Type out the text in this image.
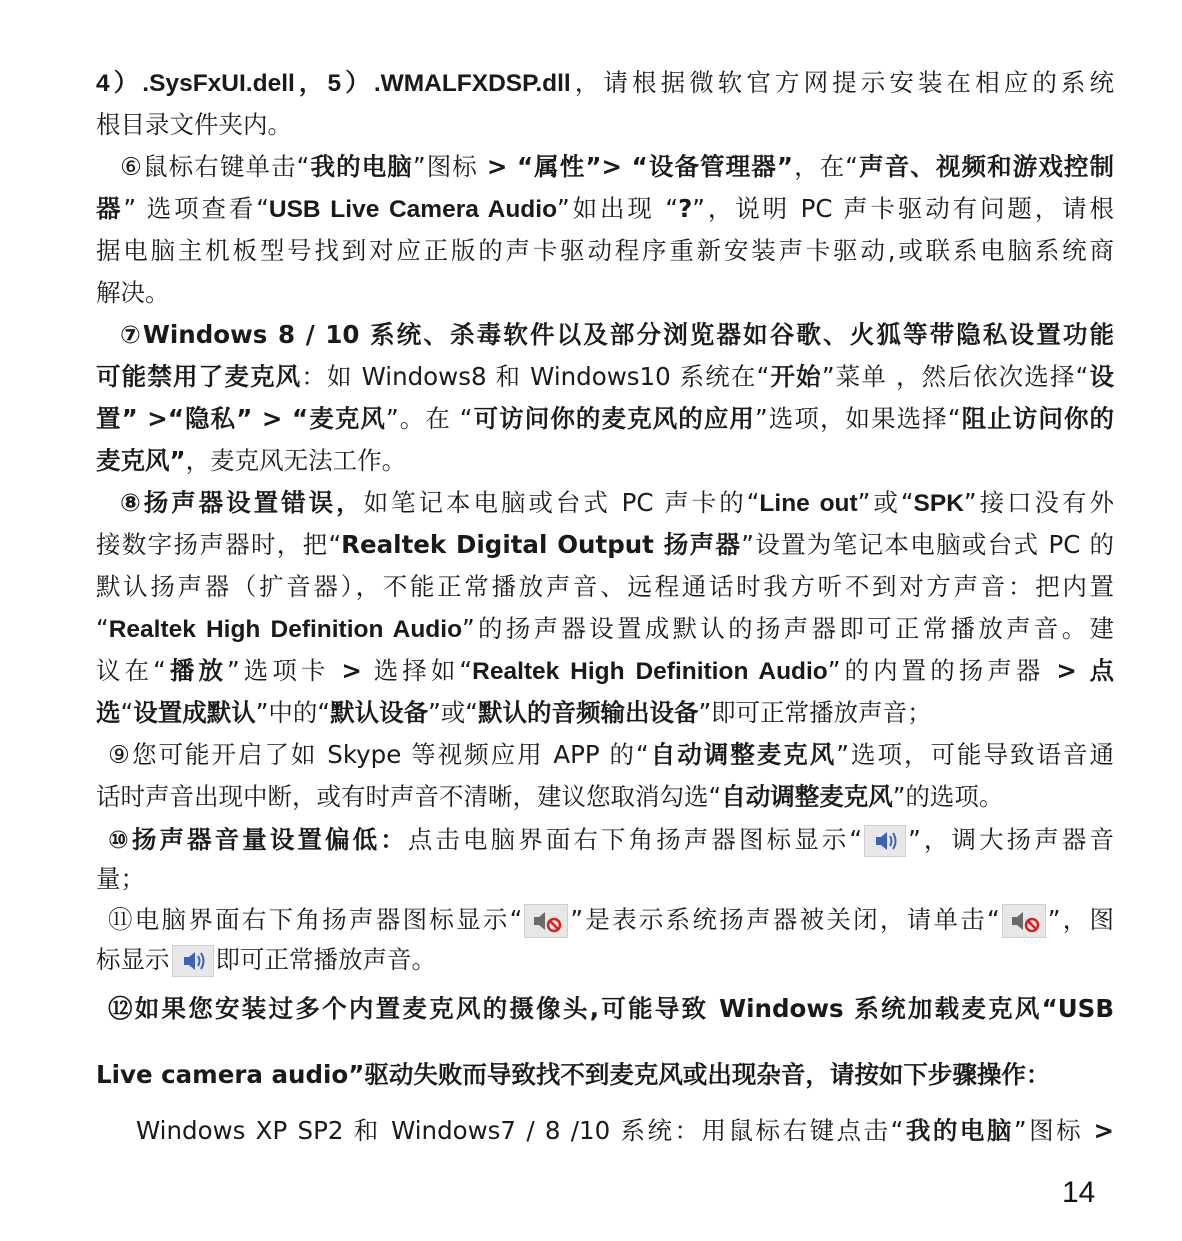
4）.SysFxUI.dell，5）.WMALFXDSP.dll，请根据微软官方网提示安装在相应的系统
根目录文件夹内。
⑥鼠标右键单击“我的电脑”图标 > “属性”> “设备管理器”，在“声音、视频和游戏控制
器” 选项查看“USB Live Camera Audio”如出现 “?”，说明 PC 声卡驱动有问题，请根
据电脑主机板型号找到对应正版的声卡驱动程序重新安装声卡驱动,或联系电脑系统商
解决。
⑦Windows 8 / 10 系统、杀毒软件以及部分浏览器如谷歌、火狐等带隐私设置功能
可能禁用了麦克风：如 Windows8 和 Windows10 系统在“开始”菜单 ，然后依次选择“设
置” >“隐私” > “麦克风”。在 “可访问你的麦克风的应用”选项，如果选择“阻止访问你的
麦克风”，麦克风无法工作。
⑧扬声器设置错误，如笔记本电脑或台式 PC 声卡的“Line out”或“SPK”接口没有外
接数字扬声器时，把“Realtek Digital Output 扬声器”设置为笔记本电脑或台式 PC 的
默认扬声器（扩音器），不能正常播放声音、远程通话时我方听不到对方声音：把内置
“Realtek High Definition Audio”的扬声器设置成默认的扬声器即可正常播放声音。建
议在“播放”选项卡 > 选择如“Realtek High Definition Audio”的内置的扬声器 > 点
选“设置成默认”中的“默认设备”或“默认的音频输出设备”即可正常播放声音；
⑨您可能开启了如 Skype 等视频应用 APP 的“自动调整麦克风”选项，可能导致语音通
话时声音出现中断，或有时声音不清晰，建议您取消勾选“自动调整麦克风”的选项。
⑩扬声器音量设置偏低：点击电脑界面右下角扬声器图标显示“ ”，调大扬声器音
量；
⑪电脑界面右下角扬声器图标显示“ ”是表示系统扬声器被关闭，请单击“ ”，图
标显示 即可正常播放声音。
⑫如果您安装过多个内置麦克风的摄像头,可能导致 Windows 系统加载麦克风“USB
Live camera audio”驱动失败而导致找不到麦克风或出现杂音，请按如下步骤操作：
Windows XP SP2 和 Windows7 / 8 /10 系统：用鼠标右键点击“我的电脑”图标 >
14
